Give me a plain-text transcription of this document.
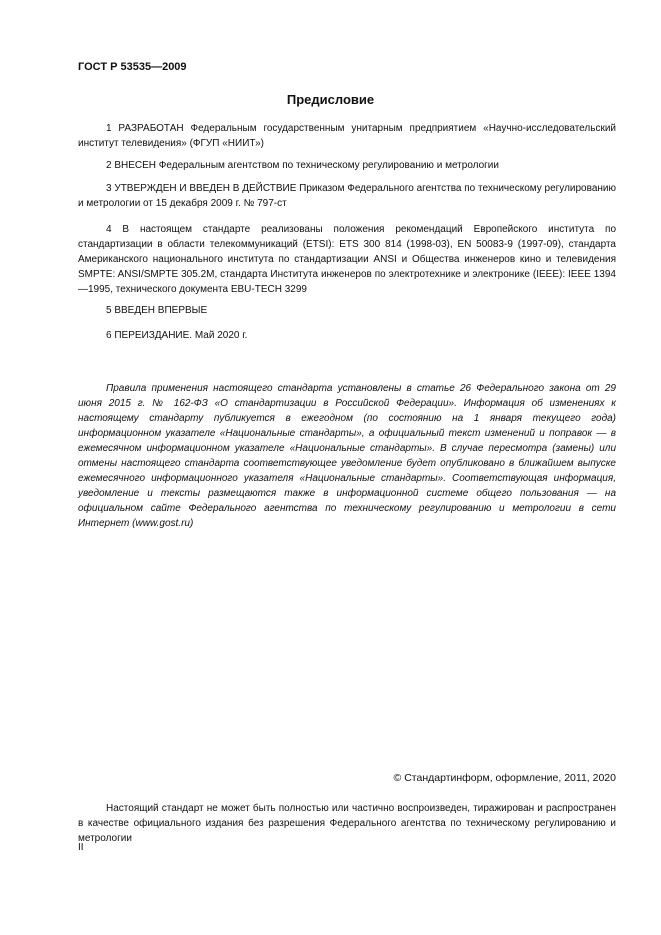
ГОСТ Р 53535—2009
Предисловие

1 РАЗРАБОТАН Федеральным государственным унитарным предприятием «Научно-исследовательский институт телевидения» (ФГУП «НИИТ»)

2 ВНЕСЕН Федеральным агентством по техническому регулированию и метрологии

3 УТВЕРЖДЕН И ВВЕДЕН В ДЕЙСТВИЕ Приказом Федерального агентства по техническому регулированию и метрологии от 15 декабря 2009 г. № 797-ст

4 В настоящем стандарте реализованы положения рекомендаций Европейского института по стандартизации в области телекоммуникаций (ETSI): ETS 300 814 (1998-03), EN 50083-9 (1997-09), стандарта Американского национального института по стандартизации ANSI и Общества инженеров кино и телевидения SMPTE: ANSI/SMPTE 305.2M, стандарта Института инженеров по электротехнике и электронике (IEEE): IEEE 1394—1995, технического документа EBU-TECH 3299

5 ВВЕДЕН ВПЕРВЫЕ

6 ПЕРЕИЗДАНИЕ. Май 2020 г.

Правила применения настоящего стандарта установлены в статье 26 Федерального закона от 29 июня 2015 г. № 162-ФЗ «О стандартизации в Российской Федерации». Информация об изменениях к настоящему стандарту публикуется в ежегодном (по состоянию на 1 января текущего года) информационном указателе «Национальные стандарты», а официальный текст изменений и поправок — в ежемесячном информационном указателе «Национальные стандарты». В случае пересмотра (замены) или отмены настоящего стандарта соответствующее уведомление будет опубликовано в ближайшем выпуске ежемесячного информационного указателя «Национальные стандарты». Соответствующая информация, уведомление и тексты размещаются также в информационной системе общего пользования — на официальном сайте Федерального агентства по техническому регулированию и метрологии в сети Интернет (www.gost.ru)

© Стандартинформ, оформление, 2011, 2020

Настоящий стандарт не может быть полностью или частично воспроизведен, тиражирован и распространен в качестве официального издания без разрешения Федерального агентства по техническому регулированию и метрологии

II
